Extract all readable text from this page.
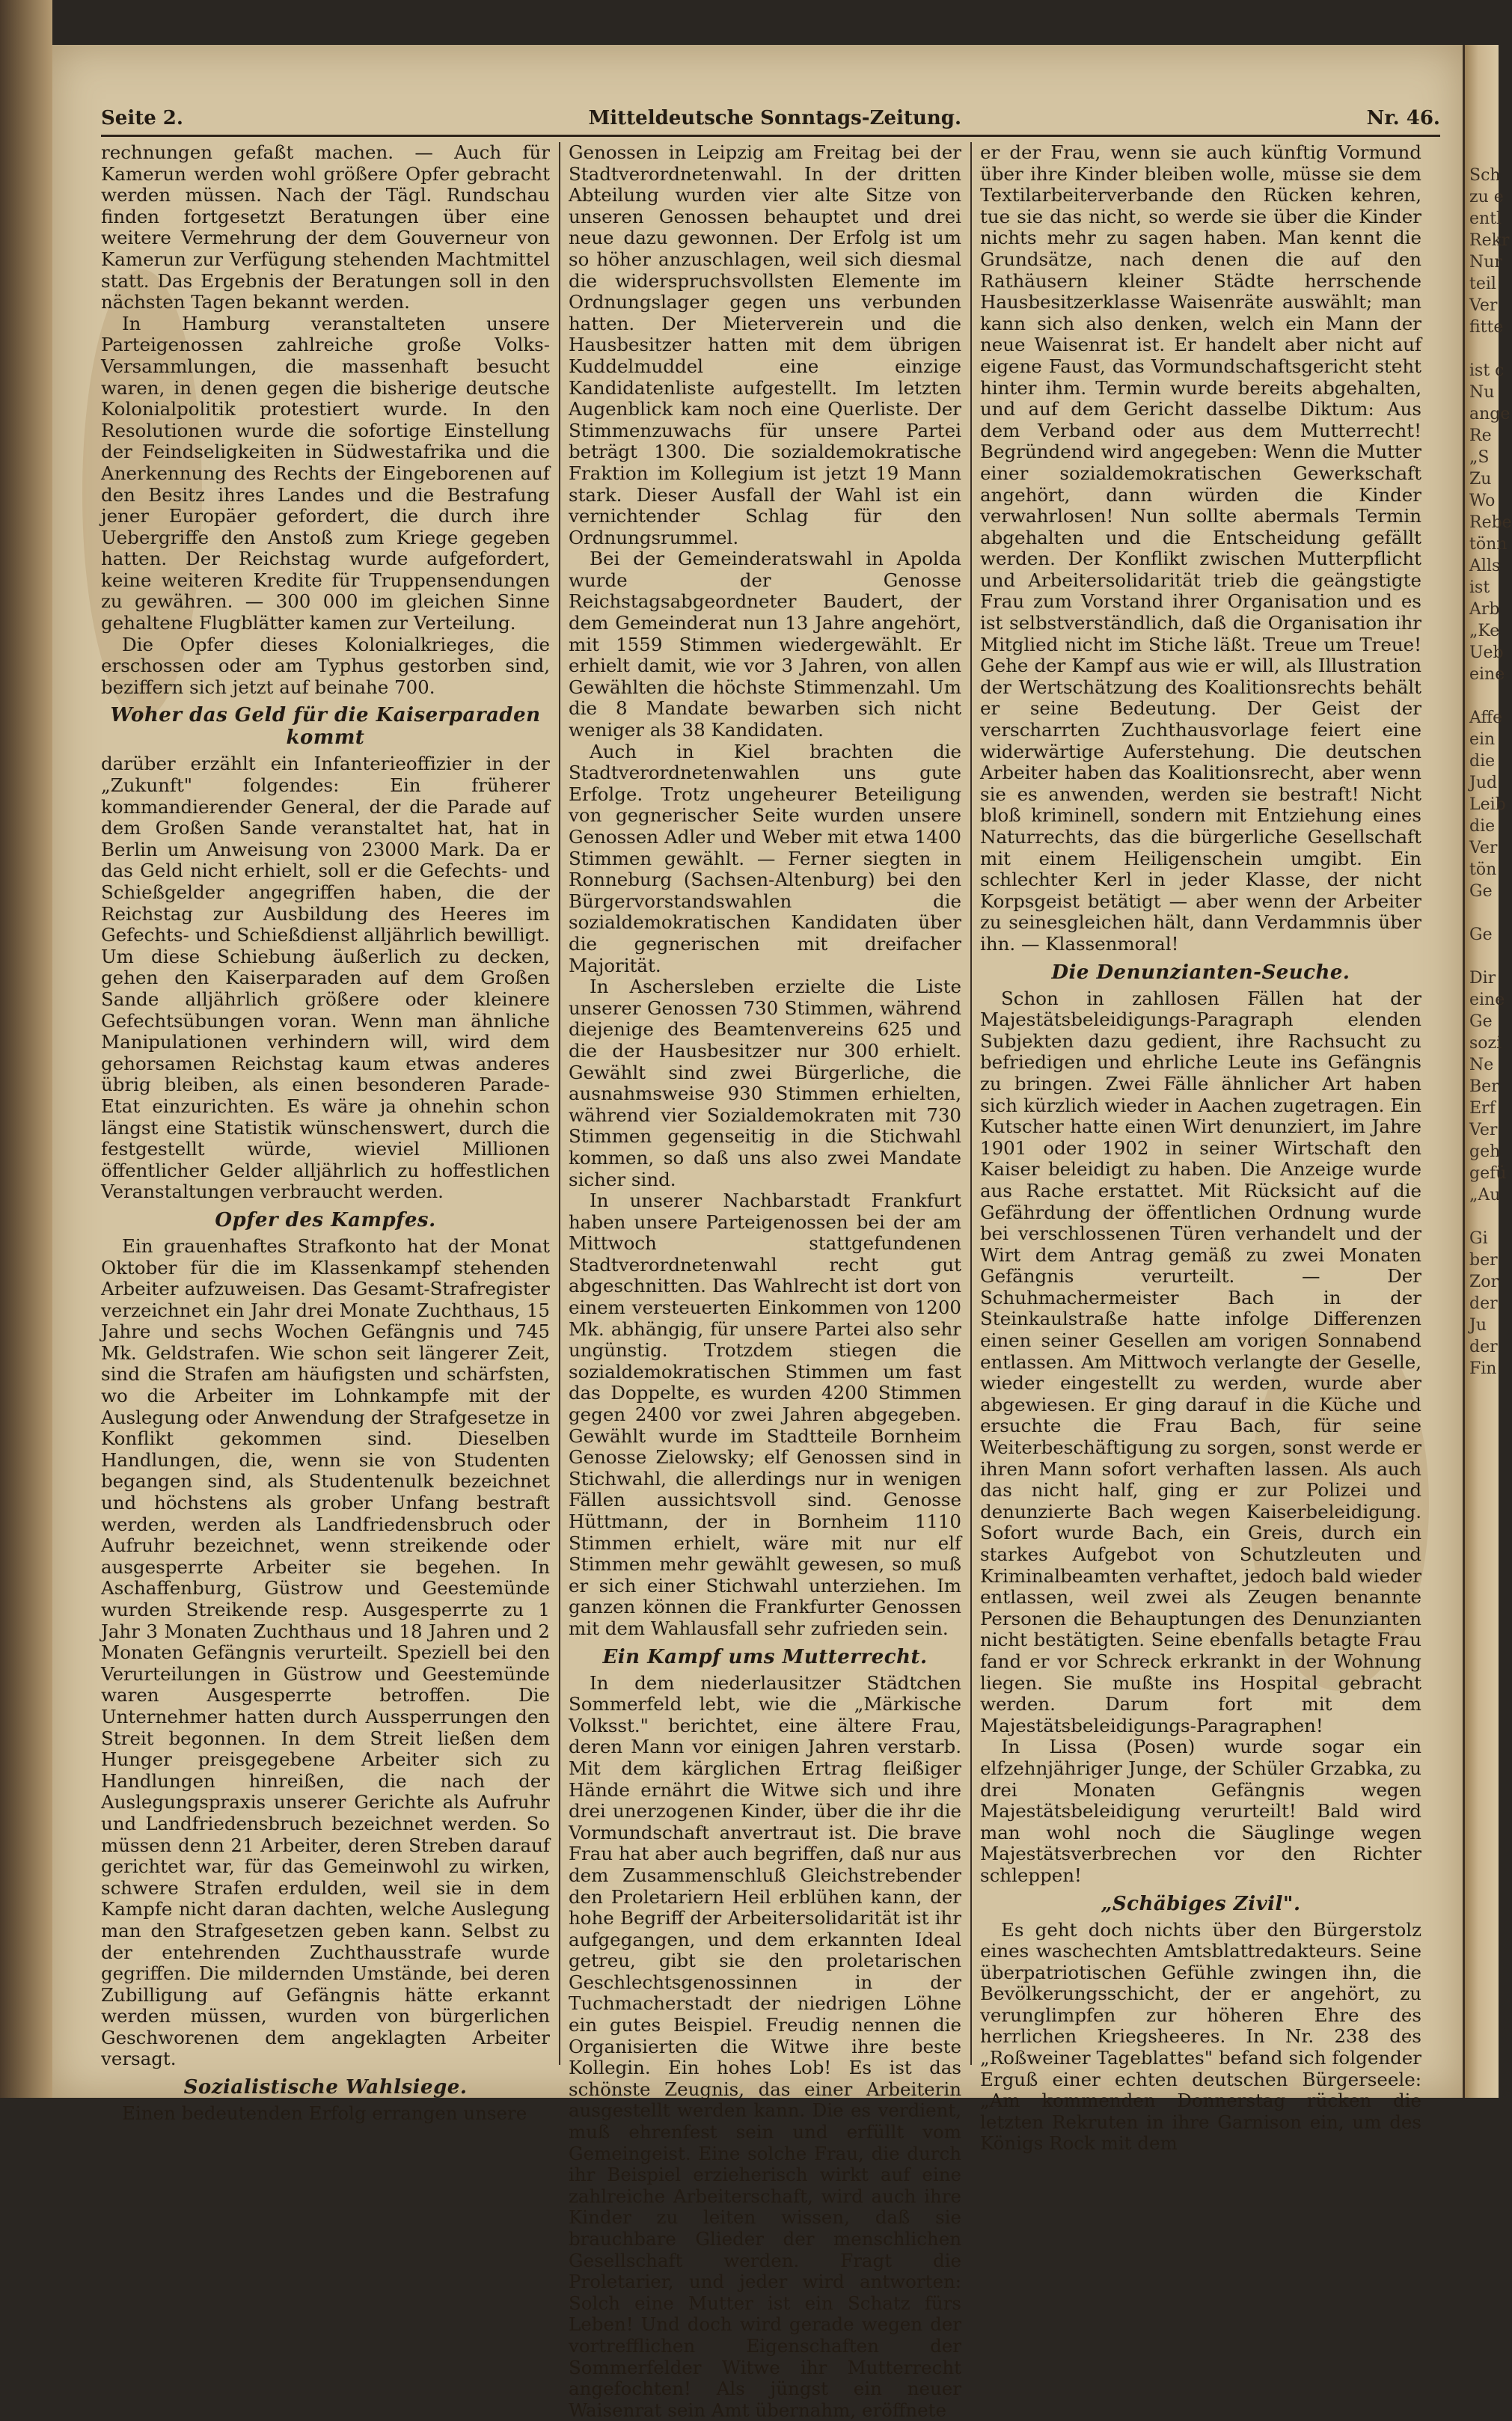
Seite 2.	Mitteldeutsche Sonntags-Zeitung.	Nr. 46.

rechnungen gefaßt machen. — Auch für Kamerun werden wohl größere Opfer gebracht werden müssen. Nach der Tägl. Rundschau finden fortgesetzt Beratungen über eine weitere Vermehrung der dem Gouverneur von Kamerun zur Verfügung stehenden Machtmittel statt. Das Ergebnis der Beratungen soll in den nächsten Tagen bekannt werden.

In Hamburg veranstalteten unsere Parteigenossen zahlreiche große Volks-Versammlungen, die massenhaft besucht waren, in denen gegen die bisherige deutsche Kolonialpolitik protestiert wurde. In den Resolutionen wurde die sofortige Einstellung der Feindseligkeiten in Südwestafrika und die Anerkennung des Rechts der Eingeborenen auf den Besitz ihres Landes und die Bestrafung jener Europäer gefordert, die durch ihre Uebergriffe den Anstoß zum Kriege gegeben hatten. Der Reichstag wurde aufgefordert, keine weiteren Kredite für Truppensendungen zu gewähren. — 300 000 im gleichen Sinne gehaltene Flugblätter kamen zur Verteilung.

Die Opfer dieses Kolonialkrieges, die erschossen oder am Typhus gestorben sind, beziffern sich jetzt auf beinahe 700.

Woher das Geld für die Kaiserparaden kommt

darüber erzählt ein Infanterieoffizier in der „Zukunft" folgendes: Ein früherer kommandierender General, der die Parade auf dem Großen Sande veranstaltet hat, hat in Berlin um Anweisung von 23000 Mark. Da er das Geld nicht erhielt, soll er die Gefechts- und Schießgelder angegriffen haben, die der Reichstag zur Ausbildung des Heeres im Gefechts- und Schießdienst alljährlich bewilligt. Um diese Schiebung äußerlich zu decken, gehen den Kaiserparaden auf dem Großen Sande alljährlich größere oder kleinere Gefechtsübungen voran. Wenn man ähnliche Manipulationen verhindern will, wird dem gehorsamen Reichstag kaum etwas anderes übrig bleiben, als einen besonderen Parade-Etat einzurichten. Es wäre ja ohnehin schon längst eine Statistik wünschenswert, durch die festgestellt würde, wieviel Millionen öffentlicher Gelder alljährlich zu hoffestlichen Veranstaltungen verbraucht werden.

Opfer des Kampfes.

Ein grauenhaftes Strafkonto hat der Monat Oktober für die im Klassenkampf stehenden Arbeiter aufzuweisen. Das Gesamt-Strafregister verzeichnet ein Jahr drei Monate Zuchthaus, 15 Jahre und sechs Wochen Gefängnis und 745 Mk. Geldstrafen. Wie schon seit längerer Zeit, sind die Strafen am häufigsten und schärfsten, wo die Arbeiter im Lohnkampfe mit der Auslegung oder Anwendung der Strafgesetze in Konflikt gekommen sind. Dieselben Handlungen, die, wenn sie von Studenten begangen sind, als Studentenulk bezeichnet und höchstens als grober Unfang bestraft werden, werden als Landfriedensbruch oder Aufruhr bezeichnet, wenn streikende oder ausgesperrte Arbeiter sie begehen. In Aschaffenburg, Güstrow und Geestemünde wurden Streikende resp. Ausgesperrte zu 1 Jahr 3 Monaten Zuchthaus und 18 Jahren und 2 Monaten Gefängnis verurteilt. Speziell bei den Verurteilungen in Güstrow und Geestemünde waren Ausgesperrte betroffen. Die Unternehmer hatten durch Aussperrungen den Streit begonnen. In dem Streit ließen dem Hunger preisgegebene Arbeiter sich zu Handlungen hinreißen, die nach der Auslegungspraxis unserer Gerichte als Aufruhr und Landfriedensbruch bezeichnet werden. So müssen denn 21 Arbeiter, deren Streben darauf gerichtet war, für das Gemeinwohl zu wirken, schwere Strafen erdulden, weil sie in dem Kampfe nicht daran dachten, welche Auslegung man den Strafgesetzen geben kann. Selbst zu der entehrenden Zuchthausstrafe wurde gegriffen. Die mildernden Umstände, bei deren Zubilligung auf Gefängnis hätte erkannt werden müssen, wurden von bürgerlichen Geschworenen dem angeklagten Arbeiter versagt.

Sozialistische Wahlsiege.

Einen bedeutenden Erfolg errangen unsere

Genossen in Leipzig am Freitag bei der Stadtverordnetenwahl. In der dritten Abteilung wurden vier alte Sitze von unseren Genossen behauptet und drei neue dazu gewonnen. Der Erfolg ist um so höher anzuschlagen, weil sich diesmal die widerspruchsvollsten Elemente im Ordnungslager gegen uns verbunden hatten. Der Mieterverein und die Hausbesitzer hatten mit dem übrigen Kuddelmuddel eine einzige Kandidatenliste aufgestellt. Im letzten Augenblick kam noch eine Querliste. Der Stimmenzuwachs für unsere Partei beträgt 1300. Die sozialdemokratische Fraktion im Kollegium ist jetzt 19 Mann stark. Dieser Ausfall der Wahl ist ein vernichtender Schlag für den Ordnungsrummel.

Bei der Gemeinderatswahl in Apolda wurde der Genosse Reichstagsabgeordneter Baudert, der dem Gemeinderat nun 13 Jahre angehört, mit 1559 Stimmen wiedergewählt. Er erhielt damit, wie vor 3 Jahren, von allen Gewählten die höchste Stimmenzahl. Um die 8 Mandate bewarben sich nicht weniger als 38 Kandidaten.

Auch in Kiel brachten die Stadtverordnetenwahlen uns gute Erfolge. Trotz ungeheurer Beteiligung von gegnerischer Seite wurden unsere Genossen Adler und Weber mit etwa 1400 Stimmen gewählt. — Ferner siegten in Ronneburg (Sachsen-Altenburg) bei den Bürgervorstandswahlen die sozialdemokratischen Kandidaten über die gegnerischen mit dreifacher Majorität.

In Aschersleben erzielte die Liste unserer Genossen 730 Stimmen, während diejenige des Beamtenvereins 625 und die der Hausbesitzer nur 300 erhielt. Gewählt sind zwei Bürgerliche, die ausnahmsweise 930 Stimmen erhielten, während vier Sozialdemokraten mit 730 Stimmen gegenseitig in die Stichwahl kommen, so daß uns also zwei Mandate sicher sind.

In unserer Nachbarstadt Frankfurt haben unsere Parteigenossen bei der am Mittwoch stattgefundenen Stadtverordnetenwahl recht gut abgeschnitten. Das Wahlrecht ist dort von einem versteuerten Einkommen von 1200 Mk. abhängig, für unsere Partei also sehr ungünstig. Trotzdem stiegen die sozialdemokratischen Stimmen um fast das Doppelte, es wurden 4200 Stimmen gegen 2400 vor zwei Jahren abgegeben. Gewählt wurde im Stadtteile Bornheim Genosse Zielowsky; elf Genossen sind in Stichwahl, die allerdings nur in wenigen Fällen aussichtsvoll sind. Genosse Hüttmann, der in Bornheim 1110 Stimmen erhielt, wäre mit nur elf Stimmen mehr gewählt gewesen, so muß er sich einer Stichwahl unterziehen. Im ganzen können die Frankfurter Genossen mit dem Wahlausfall sehr zufrieden sein.

Ein Kampf ums Mutterrecht.

In dem niederlausitzer Städtchen Sommerfeld lebt, wie die „Märkische Volksst." berichtet, eine ältere Frau, deren Mann vor einigen Jahren verstarb. Mit dem kärglichen Ertrag fleißiger Hände ernährt die Witwe sich und ihre drei unerzogenen Kinder, über die ihr die Vormundschaft anvertraut ist. Die brave Frau hat aber auch begriffen, daß nur aus dem Zusammenschluß Gleichstrebender den Proletariern Heil erblühen kann, der hohe Begriff der Arbeitersolidarität ist ihr aufgegangen, und dem erkannten Ideal getreu, gibt sie den proletarischen Geschlechtsgenossinnen in der Tuchmacherstadt der niedrigen Löhne ein gutes Beispiel. Freudig nennen die Organisierten die Witwe ihre beste Kollegin. Ein hohes Lob! Es ist das schönste Zeugnis, das einer Arbeiterin ausgestellt werden kann. Die es verdient, muß ehrenfest sein und erfüllt vom Gemeingeist. Eine solche Frau, die durch ihr Beispiel erzieherisch wirkt auf eine zahlreiche Arbeiterschaft, wird auch ihre Kinder zu leiten wissen, daß sie brauchbare Glieder der menschlichen Gesellschaft werden. Fragt die Proletarier, und jeder wird antworten: Solch eine Mutter ist ein Schatz fürs Leben! Und doch wird gerade wegen der vortrefflichen Eigenschaften der Sommerfelder Witwe ihr Mutterrecht angefochten! Als jüngst ein neuer Waisenrat sein Amt übernahm, eröffnete

er der Frau, wenn sie auch künftig Vormund über ihre Kinder bleiben wolle, müsse sie dem Textilarbeiterverbande den Rücken kehren, tue sie das nicht, so werde sie über die Kinder nichts mehr zu sagen haben. Man kennt die Grundsätze, nach denen die auf den Rathäusern kleiner Städte herrschende Hausbesitzerklasse Waisenräte auswählt; man kann sich also denken, welch ein Mann der neue Waisenrat ist. Er handelt aber nicht auf eigene Faust, das Vormundschaftsgericht steht hinter ihm. Termin wurde bereits abgehalten, und auf dem Gericht dasselbe Diktum: Aus dem Verband oder aus dem Mutterrecht! Begründend wird angegeben: Wenn die Mutter einer sozialdemokratischen Gewerkschaft angehört, dann würden die Kinder verwahrlosen! Nun sollte abermals Termin abgehalten und die Entscheidung gefällt werden. Der Konflikt zwischen Mutterpflicht und Arbeitersolidarität trieb die geängstigte Frau zum Vorstand ihrer Organisation und es ist selbstverständlich, daß die Organisation ihr Mitglied nicht im Stiche läßt. Treue um Treue! Gehe der Kampf aus wie er will, als Illustration der Wertschätzung des Koalitionsrechts behält er seine Bedeutung. Der Geist der verscharrten Zuchthausvorlage feiert eine widerwärtige Auferstehung. Die deutschen Arbeiter haben das Koalitionsrecht, aber wenn sie es anwenden, werden sie bestraft! Nicht bloß kriminell, sondern mit Entziehung eines Naturrechts, das die bürgerliche Gesellschaft mit einem Heiligenschein umgibt. Ein schlechter Kerl in jeder Klasse, der nicht Korpsgeist betätigt — aber wenn der Arbeiter zu seinesgleichen hält, dann Verdammnis über ihn. — Klassenmoral!

Die Denunzianten-Seuche.

Schon in zahllosen Fällen hat der Majestätsbeleidigungs-Paragraph elenden Subjekten dazu gedient, ihre Rachsucht zu befriedigen und ehrliche Leute ins Gefängnis zu bringen. Zwei Fälle ähnlicher Art haben sich kürzlich wieder in Aachen zugetragen. Ein Kutscher hatte einen Wirt denunziert, im Jahre 1901 oder 1902 in seiner Wirtschaft den Kaiser beleidigt zu haben. Die Anzeige wurde aus Rache erstattet. Mit Rücksicht auf die Gefährdung der öffentlichen Ordnung wurde bei verschlossenen Türen verhandelt und der Wirt dem Antrag gemäß zu zwei Monaten Gefängnis verurteilt. — Der Schuhmachermeister Bach in der Steinkaulstraße hatte infolge Differenzen einen seiner Gesellen am vorigen Sonnabend entlassen. Am Mittwoch verlangte der Geselle, wieder eingestellt zu werden, wurde aber abgewiesen. Er ging darauf in die Küche und ersuchte die Frau Bach, für seine Weiterbeschäftigung zu sorgen, sonst werde er ihren Mann sofort verhaften lassen. Als auch das nicht half, ging er zur Polizei und denunzierte Bach wegen Kaiserbeleidigung. Sofort wurde Bach, ein Greis, durch ein starkes Aufgebot von Schutzleuten und Kriminalbeamten verhaftet, jedoch bald wieder entlassen, weil zwei als Zeugen benannte Personen die Behauptungen des Denunzianten nicht bestätigten. Seine ebenfalls betagte Frau fand er vor Schreck erkrankt in der Wohnung liegen. Sie mußte ins Hospital gebracht werden. Darum fort mit dem Majestätsbeleidigungs-Paragraphen!

In Lissa (Posen) wurde sogar ein elfzehnjähriger Junge, der Schüler Grzabka, zu drei Monaten Gefängnis wegen Majestätsbeleidigung verurteilt! Bald wird man wohl noch die Säuglinge wegen Majestätsverbrechen vor den Richter schleppen!

„Schäbiges Zivil".

Es geht doch nichts über den Bürgerstolz eines waschechten Amtsblattredakteurs. Seine überpatriotischen Gefühle zwingen ihn, die Bevölkerungsschicht, der er angehört, zu verunglimpfen zur höheren Ehre des herrlichen Kriegsheeres. In Nr. 238 des „Roßweiner Tageblattes" befand sich folgender Erguß einer echten deutschen Bürgerseele: „Am kommenden Donnerstag rücken die letzten Rekruten in ihre Garnison ein, um des Königs Rock mit dem

Sch
zu e
entl
Rekr
Nur
teil
Ver
fitte

ist c
Nu
ange
Re
„S
Zu
Wo
Rebe
tönn
Alls
ist
Arb
„Ke
Ueb
eine

Affe
ein
die
Jud
Leib
die
Ver
tön
Ge

Ge

Dir
eine
Ge
sozi
Ne
Ber
Erf
Ver
geh
gefü
„Au

Gi
ber
Zor
der
Ju
der
Fin
